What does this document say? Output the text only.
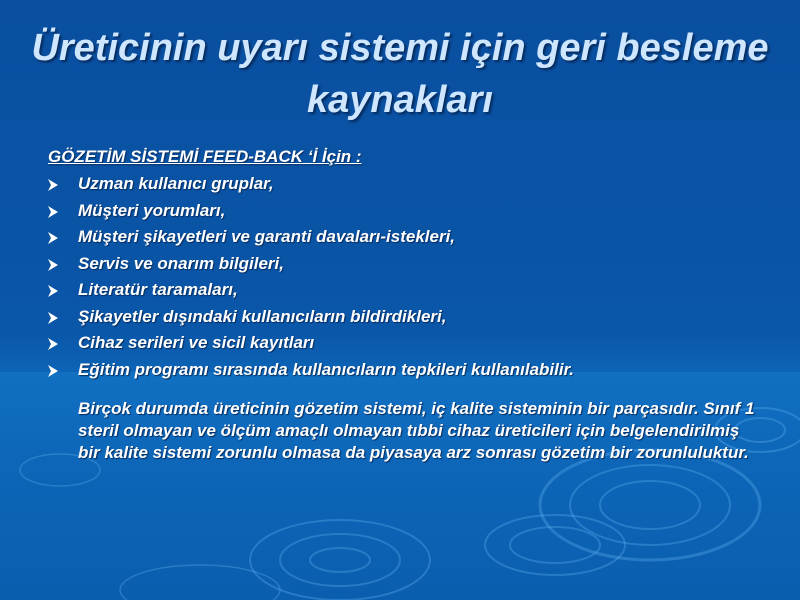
Üreticinin uyarı sistemi için geri besleme kaynakları
GÖZETİM SİSTEMİ FEED-BACK ‘İ İçin :
Uzman kullanıcı gruplar,
Müşteri yorumları,
Müşteri şikayetleri ve garanti davaları-istekleri,
Servis ve onarım bilgileri,
Literatür taramaları,
Şikayetler dışındaki kullanıcıların bildirdikleri,
Cihaz serileri ve sicil kayıtları
Eğitim programı sırasında kullanıcıların tepkileri kullanılabilir.
Birçok durumda üreticinin gözetim sistemi, iç kalite sisteminin bir parçasıdır. Sınıf 1 steril olmayan ve ölçüm amaçlı olmayan tıbbi cihaz üreticileri için belgelendirilmiş bir kalite sistemi zorunlu olmasa da piyasaya arz sonrası gözetim bir zorunluluktur.
